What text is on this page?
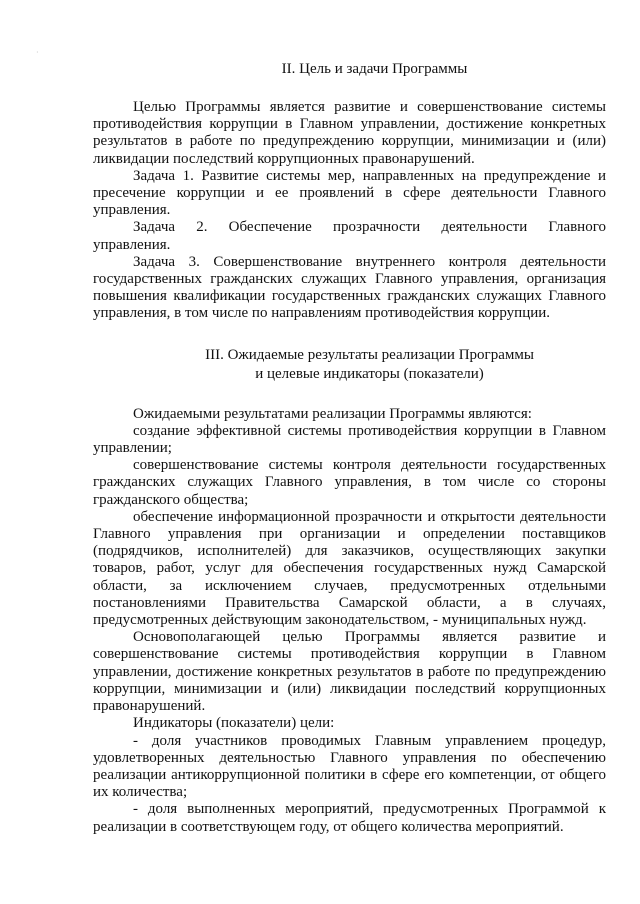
·
II. Цель и задачи Программы

Целью Программы является развитие и совершенствование системы противодействия коррупции в Главном управлении, достижение конкретных результатов в работе по предупреждению коррупции, минимизации и (или) ликвидации последствий коррупционных правонарушений.

Задача 1. Развитие системы мер, направленных на предупреждение и пресечение коррупции и ее проявлений в сфере деятельности Главного управления.

Задача 2. Обеспечение прозрачности деятельности Главного управления.

Задача 3. Совершенствование внутреннего контроля деятельности государственных гражданских служащих Главного управления, организация повышения квалификации государственных гражданских служащих Главного управления, в том числе по направлениям противодействия коррупции.

III. Ожидаемые результаты реализации Программы
и целевые индикаторы (показатели)

Ожидаемыми результатами реализации Программы являются:

создание эффективной системы противодействия коррупции в Главном управлении;

совершенствование системы контроля деятельности государственных гражданских служащих Главного управления, в том числе со стороны гражданского общества;

обеспечение информационной прозрачности и открытости деятельности Главного управления при организации и определении поставщиков (подрядчиков, исполнителей) для заказчиков, осуществляющих закупки товаров, работ, услуг для обеспечения государственных нужд Самарской области, за исключением случаев, предусмотренных отдельными постановлениями Правительства Самарской области, а в случаях, предусмотренных действующим законодательством, - муниципальных нужд.

Основополагающей целью Программы является развитие и совершенствование системы противодействия коррупции в Главном управлении, достижение конкретных результатов в работе по предупреждению коррупции, минимизации и (или) ликвидации последствий коррупционных правонарушений.

Индикаторы (показатели) цели:

- доля участников проводимых Главным управлением процедур, удовлетворенных деятельностью Главного управления по обеспечению реализации антикоррупционной политики в сфере его компетенции, от общего их количества;

- доля выполненных мероприятий, предусмотренных Программой к реализации в соответствующем году, от общего количества мероприятий.
